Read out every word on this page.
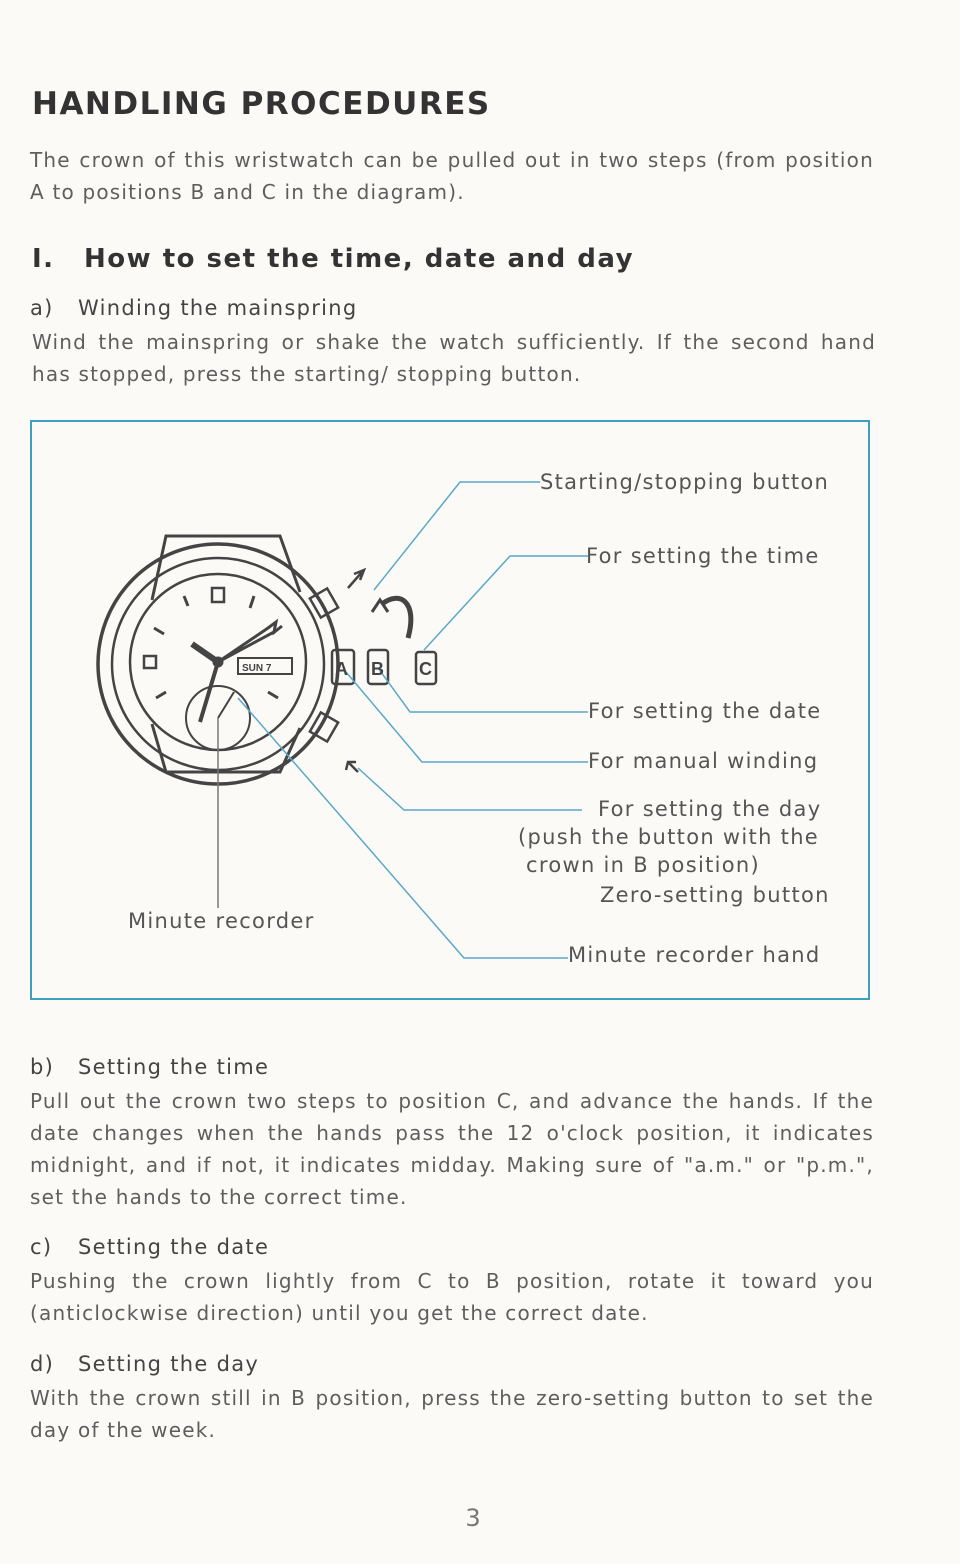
HANDLING PROCEDURES

The crown of this wristwatch can be pulled out in two steps (from position A to positions B and C in the diagram).

I. How to set the time, date and day
a) Winding the mainspring

Wind the mainspring or shake the watch sufficiently. If the second hand has stopped, press the starting/ stopping button.

A B C
SUN 7
Starting/stopping button
For setting the time
For setting the date
For manual winding
For setting the day
(push the button with the
crown in B position)
Zero-setting button
Minute recorder
Minute recorder hand
b) Setting the time

Pull out the crown two steps to position C, and advance the hands. If the date changes when the hands pass the 12 o'clock position, it indicates midnight, and if not, it indicates midday. Making sure of "a.m." or "p.m.", set the hands to the correct time.

c) Setting the date

Pushing the crown lightly from C to B position, rotate it toward you (anticlockwise direction) until you get the correct date.

d) Setting the day

With the crown still in B position, press the zero-setting button to set the day of the week.

3
